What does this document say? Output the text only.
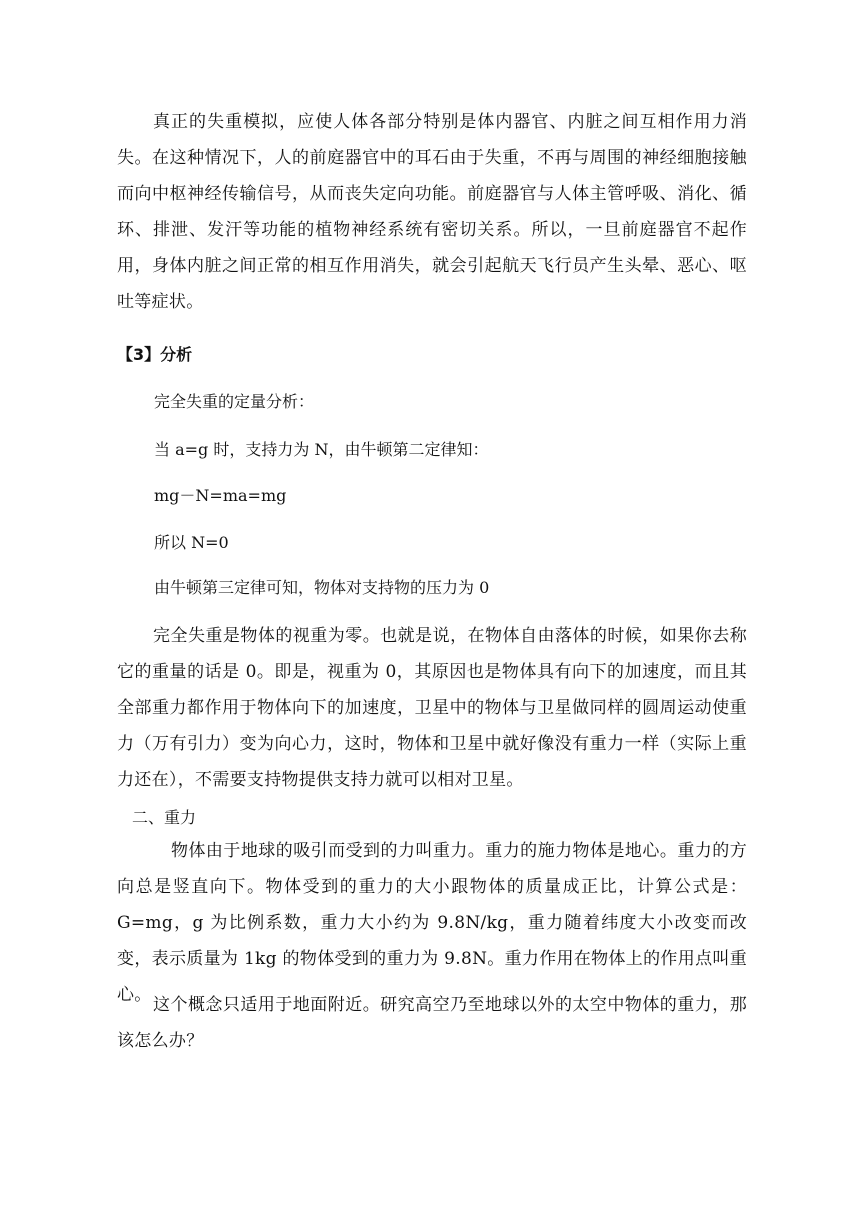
真正的失重模拟，应使人体各部分特别是体内器官、内脏之间互相作用力消失。在这种情况下，人的前庭器官中的耳石由于失重，不再与周围的神经细胞接触而向中枢神经传输信号，从而丧失定向功能。前庭器官与人体主管呼吸、消化、循环、排泄、发汗等功能的植物神经系统有密切关系。所以，一旦前庭器官不起作用，身体内脏之间正常的相互作用消失，就会引起航天飞行员产生头晕、恶心、呕吐等症状。

【3】分析

完全失重的定量分析：

当 a=g 时，支持力为 N，由牛顿第二定律知：

mg－N=ma=mg

所以 N=0

由牛顿第三定律可知，物体对支持物的压力为 0

完全失重是物体的视重为零。也就是说，在物体自由落体的时候，如果你去称它的重量的话是 0。即是，视重为 0，其原因也是物体具有向下的加速度，而且其全部重力都作用于物体向下的加速度，卫星中的物体与卫星做同样的圆周运动使重力（万有引力）变为向心力，这时，物体和卫星中就好像没有重力一样（实际上重力还在），不需要支持物提供支持力就可以相对卫星。

二、重力

物体由于地球的吸引而受到的力叫重力。重力的施力物体是地心。重力的方向总是竖直向下。物体受到的重力的大小跟物体的质量成正比，计算公式是：G=mg，g 为比例系数，重力大小约为 9.8N/kg，重力随着纬度大小改变而改变，表示质量为 1kg 的物体受到的重力为 9.8N。重力作用在物体上的作用点叫重心。 这个概念只适用于地面附近。研究高空乃至地球以外的太空中物体的重力，那该怎么办？
